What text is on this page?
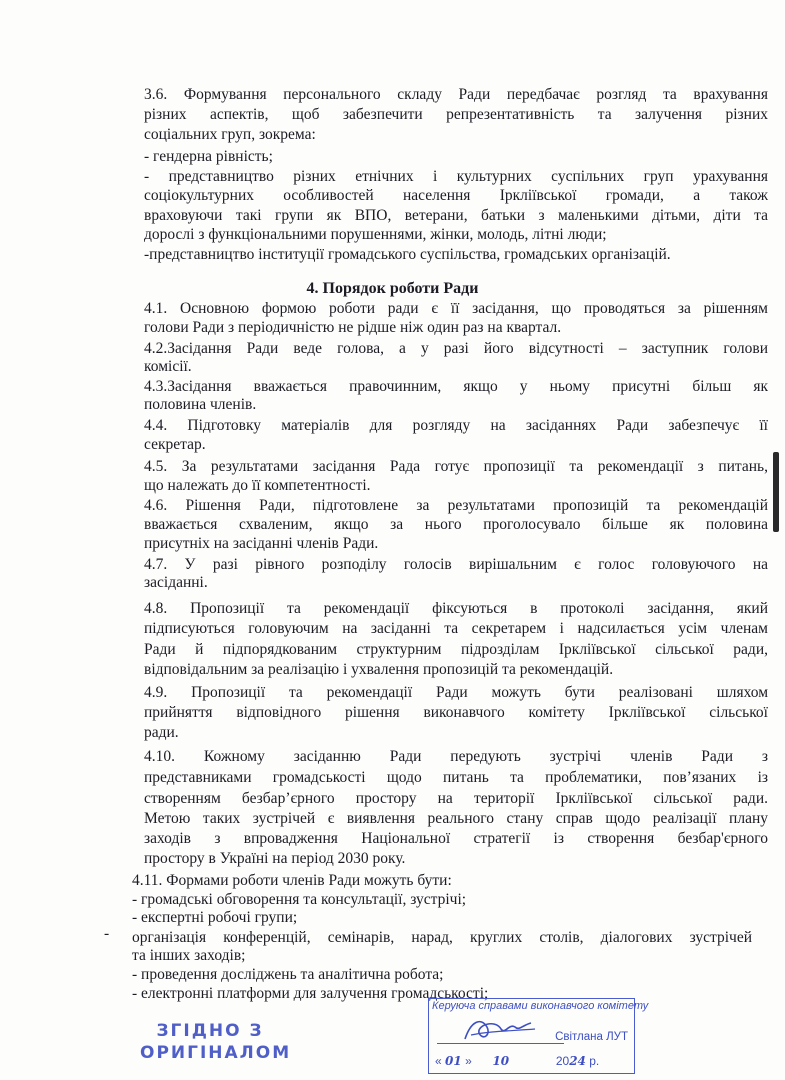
3.6. Формування персонального складу Ради передбачає розгляд та врахування

різних аспектів, щоб забезпечити репрезентативність та залучення різних

соціальних груп, зокрема:

- гендерна рівність;

- представництво різних етнічних і культурних суспільних груп урахування

соціокультурних особливостей населення Ірклiївської громади, а також

враховуючи такі групи як ВПО, ветерани, батьки з маленькими дітьми, діти та

дорослі з функціональними порушеннями, жінки, молодь, літні люди;

-представництво інституції громадського суспільства, громадських організацій.

4. Порядок роботи Ради

4.1. Основною формою роботи ради є її засідання, що проводяться за рішенням

голови Ради з періодичністю не рідше ніж один раз на квартал.

4.2.Засідання Ради веде голова, а у разі його відсутності – заступник голови

комісії.

4.3.Засідання вважається правочинним, якщо у ньому присутні більш як

половина членів.

4.4. Підготовку матеріалів для розгляду на засіданнях Ради забезпечує її

секретар.

4.5. За результатами засідання Рада готує пропозиції та рекомендації з питань,

що належать до її компетентності.

4.6. Рішення Ради, підготовлене за результатами пропозицій та рекомендацій

вважається схваленим, якщо за нього проголосувало більше як половина

присутніх на засіданні членів Ради.

4.7. У разі рівного розподілу голосів вирішальним є голос головуючого на

засіданні.

4.8. Пропозиції та рекомендації фіксуються в протоколі засідання, який

підписуються головуючим на засіданні та секретарем і надсилається усім членам

Ради й підпорядкованим структурним підрозділам Ірклiївської сільської ради,

відповідальним за реалізацію і ухвалення пропозицій та рекомендацій.

4.9. Пропозиції та рекомендації Ради можуть бути реалізовані шляхом

прийняття відповідного рішення виконавчого комітету Ірклiївської сільської

ради.

4.10. Кожному засіданню Ради передують зустрічі членів Ради з

представниками громадськості щодо питань та проблематики, пов’язаних із

створенням безбар’єрного простору на території Ірклiївської сільської ради.

Метою таких зустрічей є виявлення реального стану справ щодо реалізації плану

заходів з впровадження Національної стратегії із створення безбар'єрного

простору в Україні на період 2030 року.

4.11. Формами роботи членів Ради можуть бути:

- громадські обговорення та консультації, зустрічі;

- експертні робочі групи;

- організація конференцій, семінарів, нарад, круглих столів, діалогових зустрічей

та інших заходів;

- проведення досліджень та аналітична робота;

- електронні платформи для залучення громадськості;

ЗГІДНО З
ОРИГІНАЛОМ
Керуюча справами виконавчого комітету
Світлана ЛУТ
« 01 » 10	2024 р.
